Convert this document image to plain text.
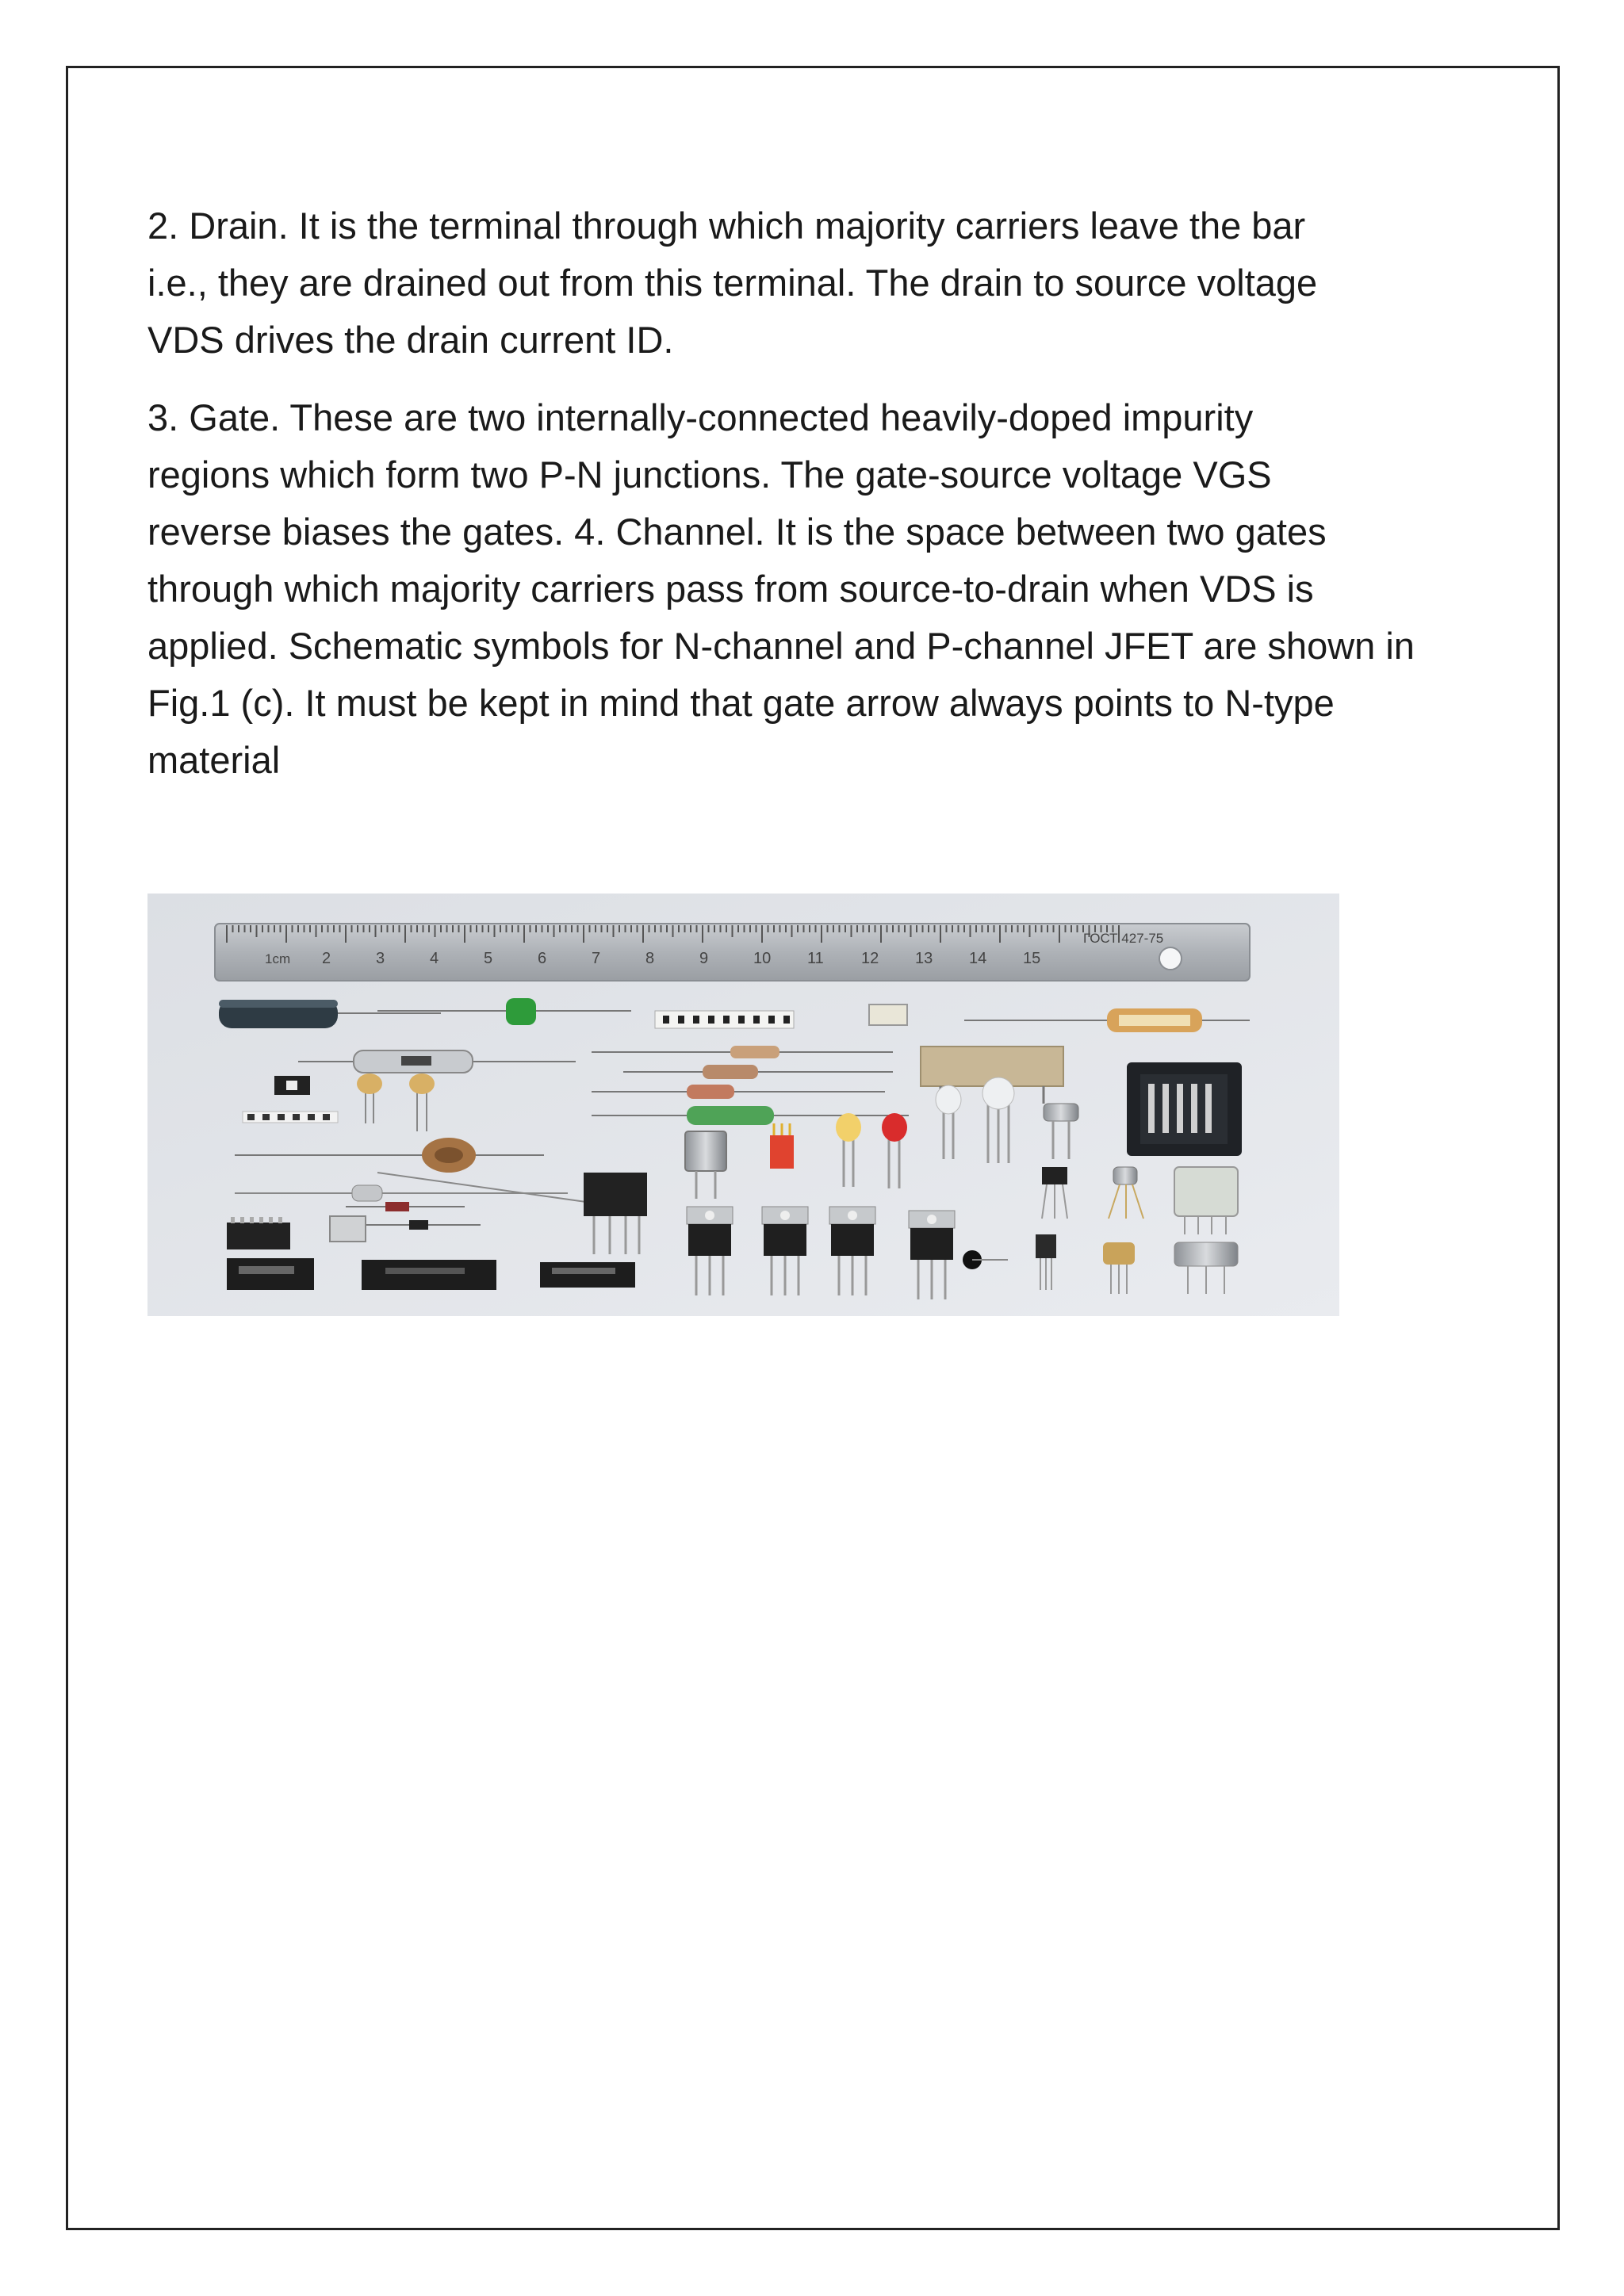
2. Drain. It is the terminal through which majority carriers leave the bar
i.e., they are drained out from this terminal. The drain to source voltage
VDS drives the drain current ID.

3. Gate. These are two internally-connected heavily-doped impurity
regions which form two P-N junctions. The gate-source voltage VGS
reverse biases the gates. 4. Channel. It is the space between two gates
through which majority carriers pass from source-to-drain when VDS is
applied. Schematic symbols for N-channel and P-channel JFET are shown in
Fig.1 (c). It must be kept in mind that gate arrow always points to N-type
material

1cm 2	3	4	5	6	7	8	9	10 11 12 13 14 15
ГОСТ 427-75
